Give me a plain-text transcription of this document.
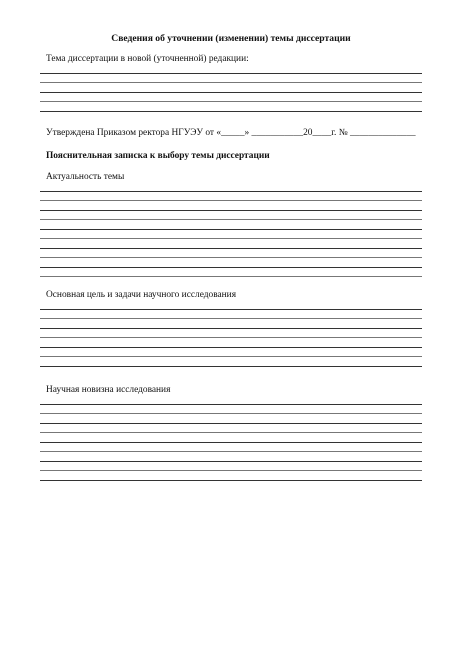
Сведения об уточнении (изменении) темы диссертации
Тема диссертации в новой (уточненной) редакции:
Утверждена Приказом ректора НГУЭУ от «_____» ___________20____г. № ______________
Пояснительная записка к выбору темы диссертации
Актуальность темы
Основная цель и задачи научного исследования
Научная новизна исследования
